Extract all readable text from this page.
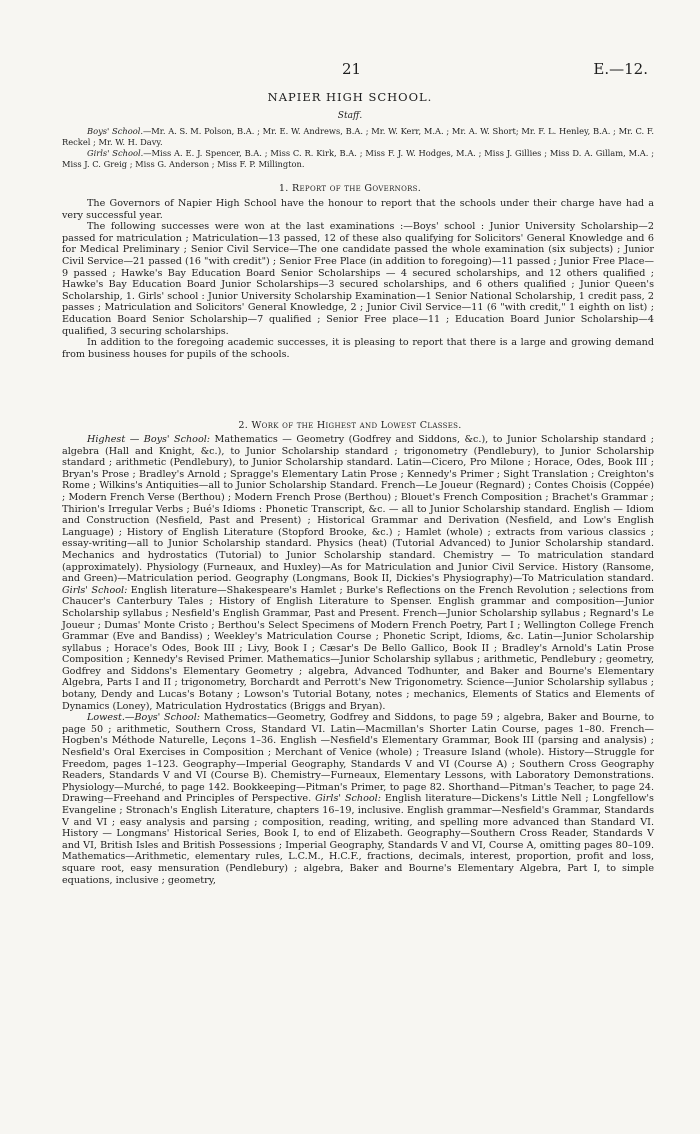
21	E.—12.
NAPIER HIGH SCHOOL.
Staff.

Boys' School.—Mr. A. S. M. Polson, B.A. ; Mr. E. W. Andrews, B.A. ; Mr. W. Kerr, M.A. ; Mr. A. W. Short; Mr. F. L. Henley, B.A. ; Mr. C. F. Reckel ; Mr. W. H. Davy.

Girls' School.—Miss A. E. J. Spencer, B.A. ; Miss C. R. Kirk, B.A. ; Miss F. J. W. Hodges, M.A. ; Miss J. Gillies ; Miss D. A. Gillam, M.A. ; Miss J. C. Greig ; Miss G. Anderson ; Miss F. P. Millington.

1. Report of the Governors.

The Governors of Napier High School have the honour to report that the schools under their charge have had a very successful year.

The following successes were won at the last examinations :—Boys' school : Junior University Scholarship—2 passed for matriculation ; Matriculation—13 passed, 12 of these also qualifying for Solicitors' General Knowledge and 6 for Medical Preliminary ; Senior Civil Service—The one candidate passed the whole examination (six subjects) ; Junior Civil Service—21 passed (16 "with credit") ; Senior Free Place (in addition to foregoing)—11 passed ; Junior Free Place—9 passed ; Hawke's Bay Education Board Senior Scholarships — 4 secured scholarships, and 12 others qualified ; Hawke's Bay Education Board Junior Scholarships—3 secured scholarships, and 6 others qualified ; Junior Queen's Scholarship, 1. Girls' school : Junior University Scholarship Examination—1 Senior National Scholarship, 1 credit pass, 2 passes ; Matriculation and Solicitors' General Knowledge, 2 ; Junior Civil Service—11 (6 "with credit," 1 eighth on list) ; Education Board Senior Scholarship—7 qualified ; Senior Free place—11 ; Education Board Junior Scholarship—4 qualified, 3 securing scholarships.

In addition to the foregoing academic successes, it is pleasing to report that there is a large and growing demand from business houses for pupils of the schools.

2. Work of the Highest and Lowest Classes.

Highest — Boys' School: Mathematics — Geometry (Godfrey and Siddons, &c.), to Junior Scholarship standard ; algebra (Hall and Knight, &c.), to Junior Scholarship standard ; trigonometry (Pendlebury), to Junior Scholarship standard ; arithmetic (Pendlebury), to Junior Scholarship standard. Latin—Cicero, Pro Milone ; Horace, Odes, Book III ; Bryan's Prose ; Bradley's Arnold ; Spragge's Elementary Latin Prose ; Kennedy's Primer ; Sight Translation ; Creighton's Rome ; Wilkins's Antiquities—all to Junior Scholarship Standard. French—Le Joueur (Regnard) ; Contes Choisis (Coppée) ; Modern French Verse (Berthou) ; Modern French Prose (Berthou) ; Blouet's French Composition ; Brachet's Grammar ; Thirion's Irregular Verbs ; Bué's Idioms : Phonetic Transcript, &c. — all to Junior Scholarship standard. English — Idiom and Construction (Nesfield, Past and Present) ; Historical Grammar and Derivation (Nesfield, and Low's English Language) ; History of English Literature (Stopford Brooke, &c.) ; Hamlet (whole) ; extracts from various classics ; essay-writing—all to Junior Scholarship standard. Physics (heat) (Tutorial Advanced) to Junior Scholarship standard. Mechanics and hydrostatics (Tutorial) to Junior Scholarship standard. Chemistry — To matriculation standard (approximately). Physiology (Furneaux, and Huxley)—As for Matriculation and Junior Civil Service. History (Ransome, and Green)—Matriculation period. Geography (Longmans, Book II, Dickies's Physiography)—To Matriculation standard. Girls' School: English literature—Shakespeare's Hamlet ; Burke's Reflections on the French Revolution ; selections from Chaucer's Canterbury Tales ; History of English Literature to Spenser. English grammar and composition—Junior Scholarship syllabus ; Nesfield's English Grammar, Past and Present. French—Junior Scholarship syllabus ; Regnard's Le Joueur ; Dumas' Monte Cristo ; Berthou's Select Specimens of Modern French Poetry, Part I ; Wellington College French Grammar (Eve and Bandiss) ; Weekley's Matriculation Course ; Phonetic Script, Idioms, &c. Latin—Junior Scholarship syllabus ; Horace's Odes, Book III ; Livy, Book I ; Cæsar's De Bello Gallico, Book II ; Bradley's Arnold's Latin Prose Composition ; Kennedy's Revised Primer. Mathematics—Junior Scholarship syllabus ; arithmetic, Pendlebury ; geometry, Godfrey and Siddons's Elementary Geometry ; algebra, Advanced Todhunter, and Baker and Bourne's Elementary Algebra, Parts I and II ; trigonometry, Borchardt and Perrott's New Trigonometry. Science—Junior Scholarship syllabus ; botany, Dendy and Lucas's Botany ; Lowson's Tutorial Botany, notes ; mechanics, Elements of Statics and Elements of Dynamics (Loney), Matriculation Hydrostatics (Briggs and Bryan).

Lowest.—Boys' School: Mathematics—Geometry, Godfrey and Siddons, to page 59 ; algebra, Baker and Bourne, to page 50 ; arithmetic, Southern Cross, Standard VI. Latin—Macmillan's Shorter Latin Course, pages 1–80. French—Hogben's Méthode Naturelle, Leçons 1–36. English —Nesfield's Elementary Grammar, Book III (parsing and analysis) ; Nesfield's Oral Exercises in Composition ; Merchant of Venice (whole) ; Treasure Island (whole). History—Struggle for Freedom, pages 1–123. Geography—Imperial Geography, Standards V and VI (Course A) ; Southern Cross Geography Readers, Standards V and VI (Course B). Chemistry—Furneaux, Elementary Lessons, with Laboratory Demonstrations. Physiology—Murché, to page 142. Bookkeeping—Pitman's Primer, to page 82. Shorthand—Pitman's Teacher, to page 24. Drawing—Freehand and Principles of Perspective. Girls' School: English literature—Dickens's Little Nell ; Longfellow's Evangeline ; Stronach's English Literature, chapters 16–19, inclusive. English grammar—Nesfield's Grammar, Standards V and VI ; easy analysis and parsing ; composition, reading, writing, and spelling more advanced than Standard VI. History — Longmans' Historical Series, Book I, to end of Elizabeth. Geography—Southern Cross Reader, Standards V and VI, British Isles and British Possessions ; Imperial Geography, Standards V and VI, Course A, omitting pages 80–109. Mathematics—Arithmetic, elementary rules, L.C.M., H.C.F., fractions, decimals, interest, proportion, profit and loss, square root, easy mensuration (Pendlebury) ; algebra, Baker and Bourne's Elementary Algebra, Part I, to simple equations, inclusive ; geometry,
